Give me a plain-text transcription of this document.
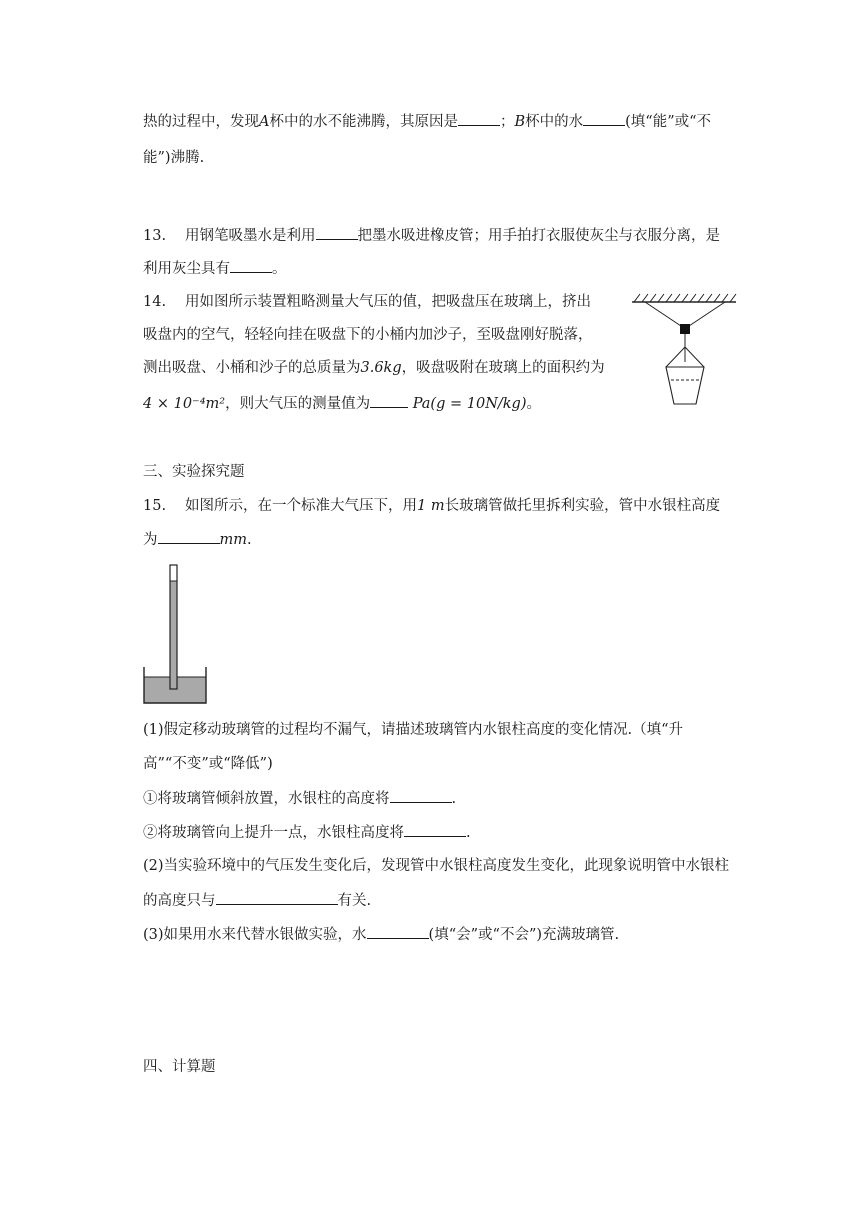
热的过程中，发现A杯中的水不能沸腾，其原因是	；B杯中的水	(填“能”或“不
能”)沸腾.
13. 用钢笔吸墨水是利用	把墨水吸进橡皮管；用手拍打衣服使灰尘与衣服分离，是
利用灰尘具有	。
14. 用如图所示装置粗略测量大气压的值，把吸盘压在玻璃上，挤出
吸盘内的空气，轻轻向挂在吸盘下的小桶内加沙子，至吸盘刚好脱落，
测出吸盘、小桶和沙子的总质量为3.6kg，吸盘吸附在玻璃上的面积约为
4 × 10⁻⁴m²，则大气压的测量值为	Pa(g = 10N/kg)。
三、实验探究题
15. 如图所示，在一个标准大气压下，用1 m长玻璃管做托里拆利实验，管中水银柱高度
为	mm.
(1)假定移动玻璃管的过程均不漏气，请描述玻璃管内水银柱高度的变化情况.（填“升
高”“不变”或“降低”)
①将玻璃管倾斜放置，水银柱的高度将	.
②将玻璃管向上提升一点，水银柱高度将	.
(2)当实验环境中的气压发生变化后，发现管中水银柱高度发生变化，此现象说明管中水银柱
的高度只与	有关.
(3)如果用水来代替水银做实验，水	(填“会”或“不会”)充满玻璃管.
四、计算题
